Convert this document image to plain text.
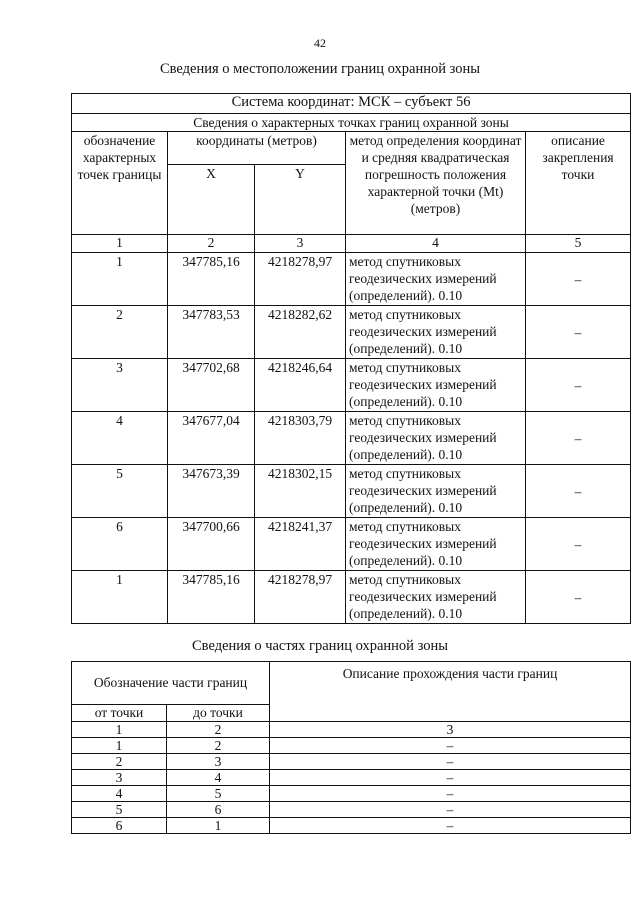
42
Сведения о местоположении границ охранной зоны
Система координат: МСК – субъект 56				
Сведения о характерных точках границ охранной зоны				
обозначение характерных точек границы	координаты (метров)		метод определения координат и средняя квадратическая погрешность положения характерной точки (Mt) (метров)	описание закрепления точки
	X	Y		
1	2	3	4	5
1	347785,16	4218278,97	метод спутниковых геодезических измерений (определений). 0.10	–
2	347783,53	4218282,62	метод спутниковых геодезических измерений (определений). 0.10	–
3	347702,68	4218246,64	метод спутниковых геодезических измерений (определений). 0.10	–
4	347677,04	4218303,79	метод спутниковых геодезических измерений (определений). 0.10	–
5	347673,39	4218302,15	метод спутниковых геодезических измерений (определений). 0.10	–
6	347700,66	4218241,37	метод спутниковых геодезических измерений (определений). 0.10	–
1	347785,16	4218278,97	метод спутниковых геодезических измерений (определений). 0.10	–
Сведения о частях границ охранной зоны
Обозначение части границ		Описание прохождения части границ
от точки	до точки	
1	2	3
1	2	–
2	3	–
3	4	–
4	5	–
5	6	–
6	1	–
